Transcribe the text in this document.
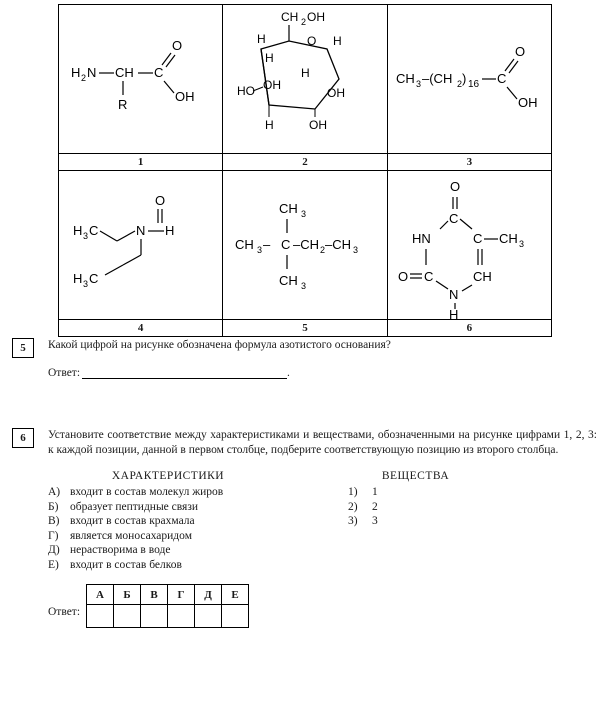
H 2 N CH C
O
OH
R

CH 2 OH
H	O H
H
OH
H
HO	OH
H	OH

CH 3 –(CH 2 ) 16 C
O
OH

1	2	3

H 3 C	N H
O
H 3 C

CH 3
CH 3 – C –CH 2 –CH 3
CH 3

O
C
HN	C CH 3
O C	CH
N
H

4	5	6
5	Какой цифрой на рисунке обозначена формула азотистого основания?
Ответ:	.
6	Установите соответствие между характеристиками и веществами, обозначенными на рисунке цифрами 1, 2, 3: к каждой позиции, данной в первом столбце, подберите соответствующую позицию из второго столбца.
ХАРАКТЕРИСТИКИ
А) входит в состав молекул жиров
Б)	образует пептидные связи
В) входит в состав крахмала
Г)	является моносахаридом
Д) нерастворима в воде
Е) входит в состав белков
ВЕЩЕСТВА
1)	1
2)	2
3)	3
Ответ:
А	Б	В	Г	Д	Е
